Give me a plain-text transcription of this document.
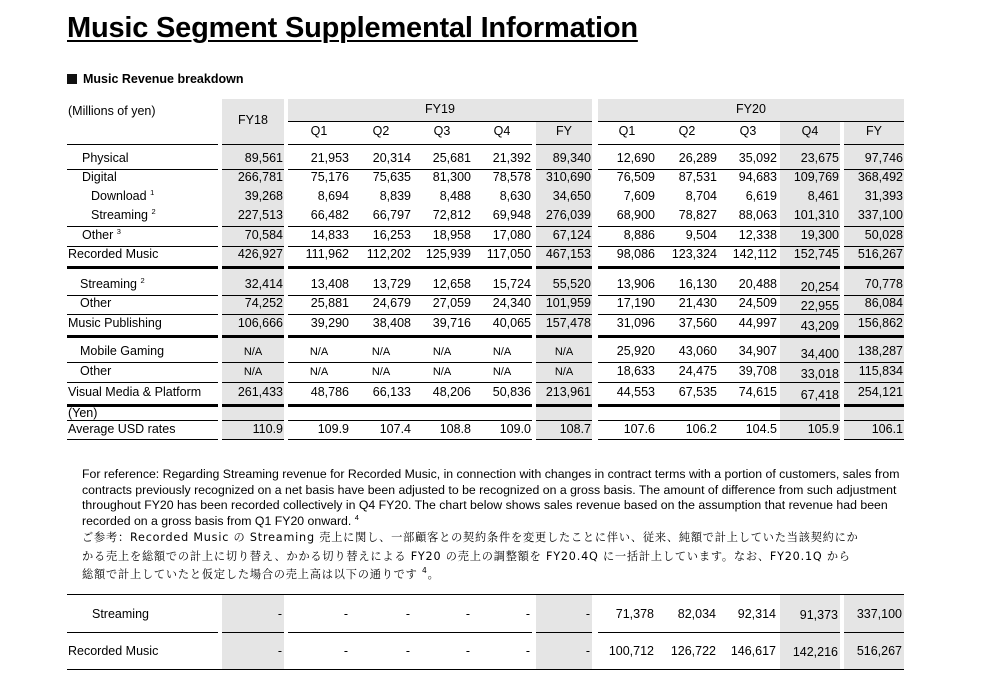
Music Segment Supplemental Information
Music Revenue breakdown

For reference: Regarding Streaming revenue for Recorded Music, in connection with changes in contract terms with a portion of customers, sales from contracts previously recognized on a net basis have been adjusted to be recognized on a gross basis. The amount of difference from such adjustment throughout FY20 has been recorded collectively in Q4 FY20. The chart below shows sales revenue based on the assumption that revenue had been recorded on a gross basis from Q1 FY20 onward. $^4$

ご参考：Recorded Music の Streaming 売上に関し、一部顧客との契約条件を変更したことに伴い、従来、純額で計上していた当該契約にか

かる売上を総額での計上に切り替え、かかる切り替えによる FY20 の売上の調整額を FY20.4Q に一括計上しています。なお、FY20.1Q から

総額で計上していたと仮定した場合の売上高は以下の通りです $^4$。

(Millions of yen)
FY18
FY19	FY20
Q1	Q2	Q3	Q4	FY	Q1	Q2	Q3	Q4	FY
Physical	89,561	21,953	20,314	25,681	21,392	89,340	12,690	26,289	35,092	23,675	97,746
Digital	266,781	75,176	75,635	81,300	78,578	310,690	76,509	87,531	94,683	109,769	368,492
Download $^1$	39,268	8,694	8,839	8,488	8,630	34,650	7,609	8,704	6,619	8,461	31,393
Streaming $^2$	227,513	66,482	66,797	72,812	69,948	276,039	68,900	78,827	88,063	101,310	337,100
Other $^3$	70,584	14,833	16,253	18,958	17,080	67,124	8,886	9,504	12,338	19,300	50,028
Recorded Music	426,927	111,962	112,202	125,939	117,050	467,153	98,086	123,324	142,112	152,745	516,267
Streaming $^2$	32,414	13,408	13,729	12,658	15,724	55,520	13,906	16,130	20,488	20,254	70,778
Other	74,252	25,881	24,679	27,059	24,340	101,959	17,190	21,430	24,509	22,955	86,084
Music Publishing	106,666	39,290	38,408	39,716	40,065	157,478	31,096	37,560	44,997	43,209	156,862
Mobile Gaming	N/A	N/A	N/A	N/A	N/A	N/A	25,920	43,060	34,907	34,400	138,287
Other	N/A	N/A	N/A	N/A	N/A	N/A	18,633	24,475	39,708	33,018	115,834
Visual Media & Platform	261,433	48,786	66,133	48,206	50,836	213,961	44,553	67,535	74,615	67,418	254,121
(Yen)
Average USD rates	110.9	109.9	107.4	108.8	109.0	108.7	107.6	106.2	104.5	105.9	106.1
Streaming	-	-	-	-	-	-	71,378	82,034	92,314	91,373	337,100
Recorded Music	-	-	-	-	-	-	100,712	126,722	146,617	142,216	516,267
